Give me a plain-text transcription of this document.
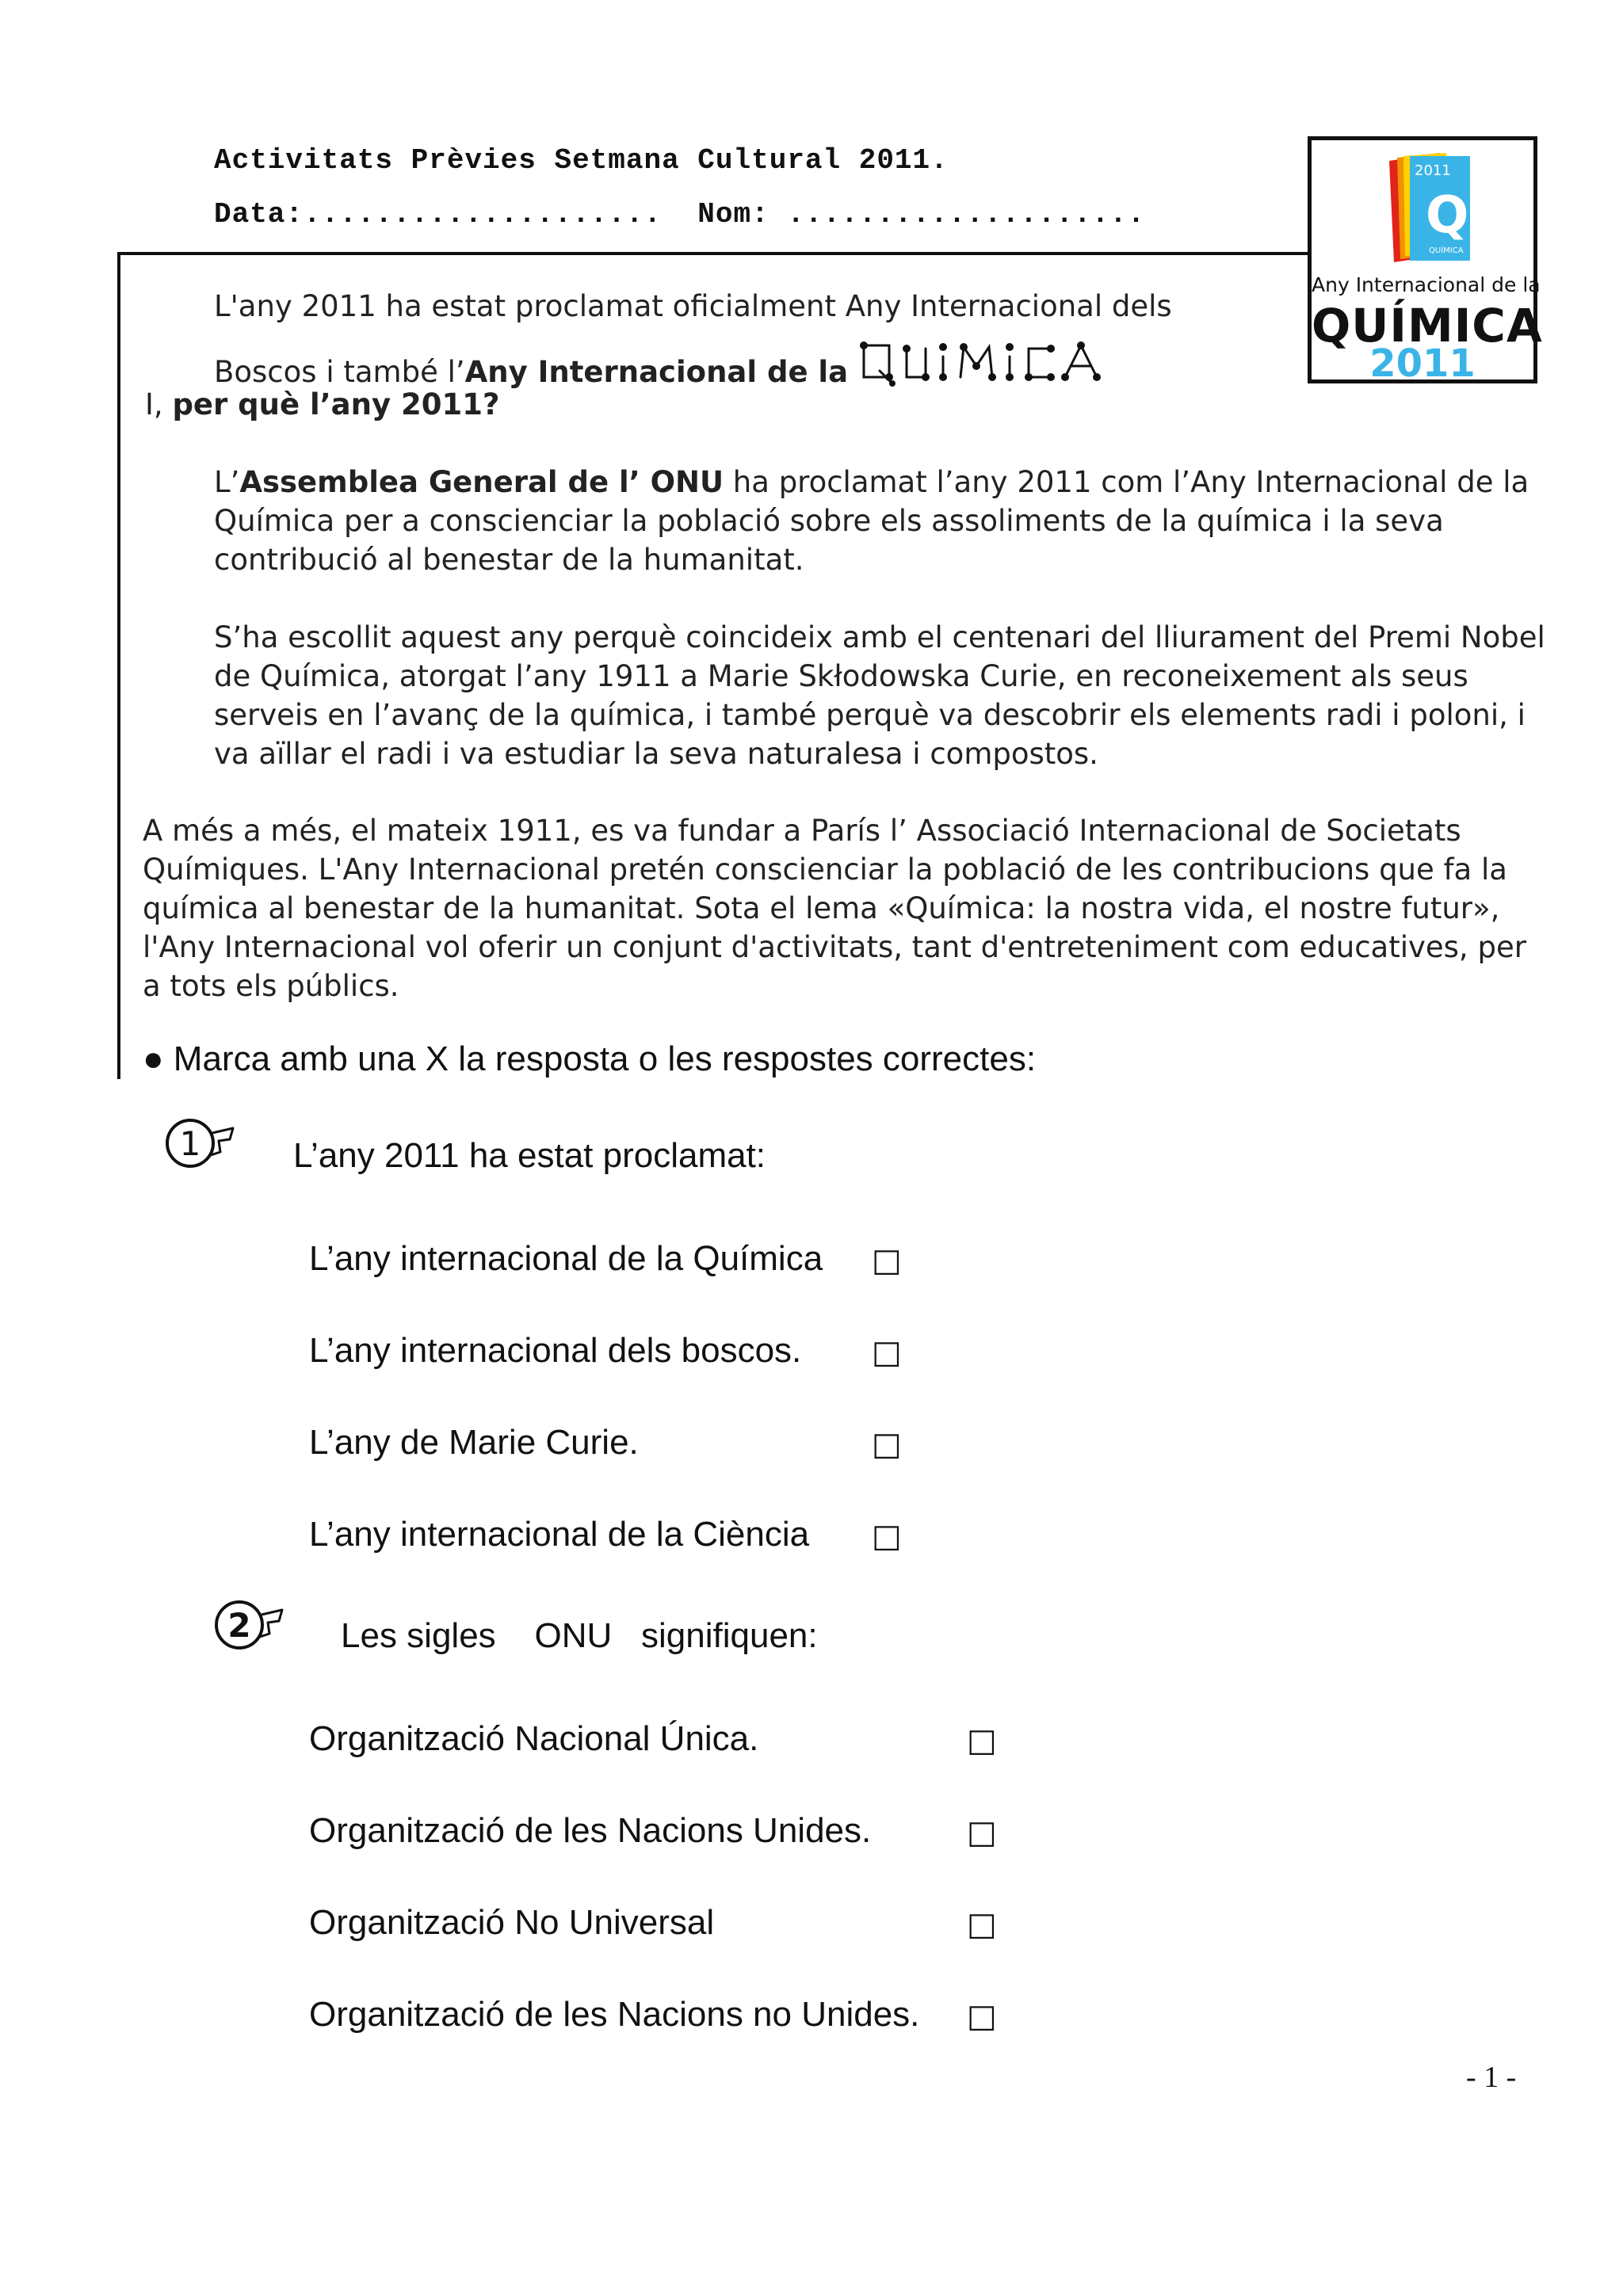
Activitats Prèvies Setmana Cultural 2011.
Data:....................  Nom: ....................
2011
Q
QUÍMICA
Any Internacional de la
QUÍMICA
2011
L'any 2011 ha estat proclamat oficialment Any Internacional dels
Boscos i també l’Any Internacional de la
I, per què l’any 2011?
L’Assemblea General de l’ ONU ha proclamat l’any 2011 com l’Any Internacional de la Química per a conscienciar la població sobre els assoliments de la química i la seva contribució al benestar de la humanitat.
S’ha escollit aquest any perquè coincideix amb el centenari del lliurament del Premi Nobel de Química, atorgat l’any 1911 a Marie Skłodowska Curie, en reconeixement als seus serveis en l’avanç de la química, i també perquè va descobrir els elements radi i poloni, i va aïllar el radi i va estudiar la seva naturalesa i compostos.
A més a més, el mateix 1911, es va fundar a París l’ Associació Internacional de Societats Químiques. L'Any Internacional pretén conscienciar la població de les contribucions que fa la química al benestar de la humanitat. Sota el lema «Química: la nostra vida, el nostre futur», l'Any Internacional vol oferir un conjunt d'activitats, tant d'entreteniment com educatives, per a tots els públics.
● Marca amb una X la resposta o les respostes correctes:
1	L’any 2011 ha estat proclamat:
L’any internacional de la Química □
L’any internacional dels boscos. □
L’any de Marie Curie.	□
L’any internacional de la Ciència □
2	Les sigles    ONU   signifiquen:
Organització Nacional Única.	□
Organització de les Nacions Unides.	□
Organització No Universal	□
Organització de les Nacions no Unides. □
- 1 -
